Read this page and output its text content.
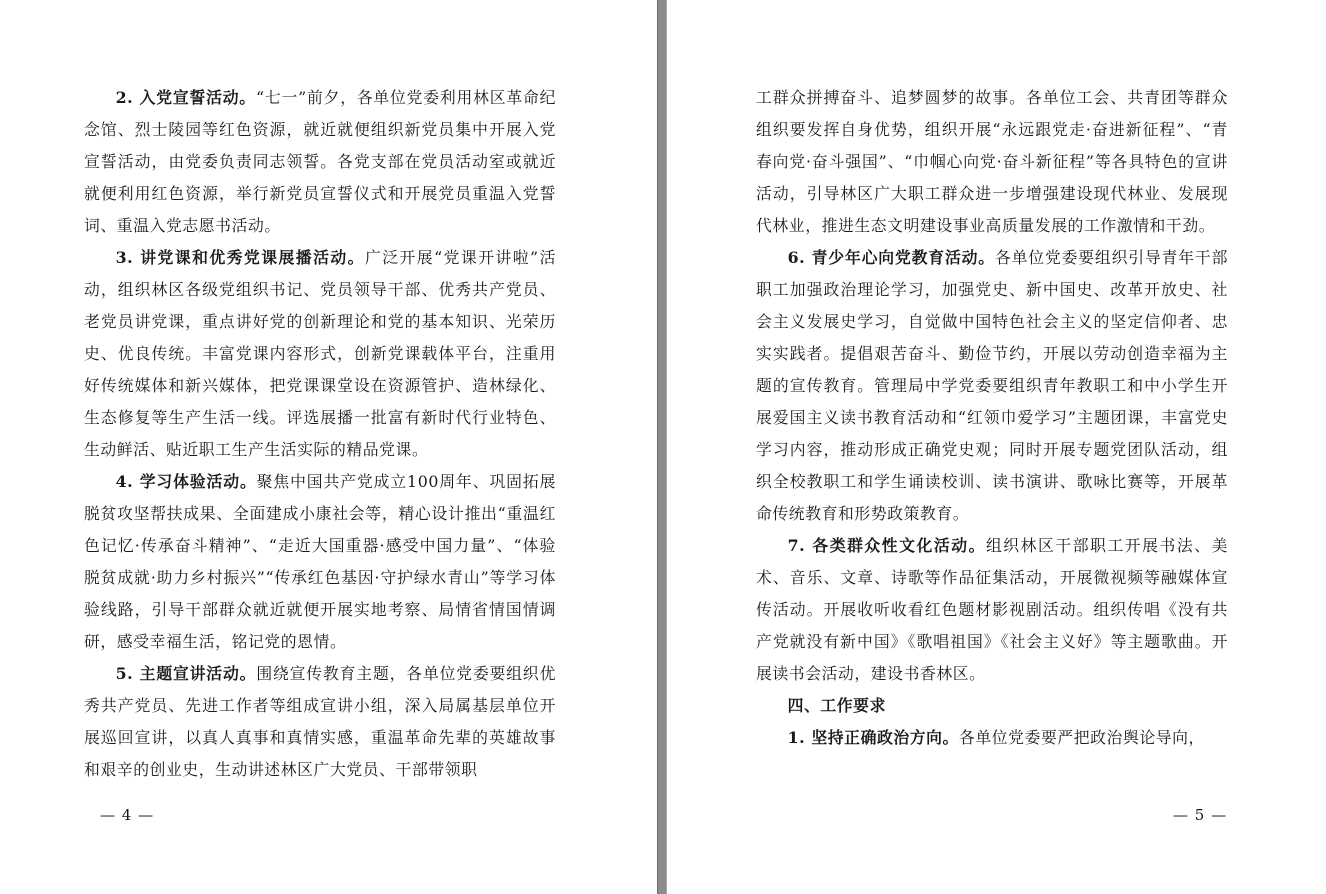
2. 入党宣誓活动。“七一”前夕，各单位党委利用林区革命纪念馆、烈士陵园等红色资源，就近就便组织新党员集中开展入党宣誓活动，由党委负责同志领誓。各党支部在党员活动室或就近就便利用红色资源，举行新党员宣誓仪式和开展党员重温入党誓词、重温入党志愿书活动。

3. 讲党课和优秀党课展播活动。广泛开展“党课开讲啦”活动，组织林区各级党组织书记、党员领导干部、优秀共产党员、老党员讲党课，重点讲好党的创新理论和党的基本知识、光荣历史、优良传统。丰富党课内容形式，创新党课载体平台，注重用好传统媒体和新兴媒体，把党课课堂设在资源管护、造林绿化、生态修复等生产生活一线。评选展播一批富有新时代行业特色、生动鲜活、贴近职工生产生活实际的精品党课。

4. 学习体验活动。聚焦中国共产党成立100周年、巩固拓展脱贫攻坚帮扶成果、全面建成小康社会等，精心设计推出“重温红色记忆·传承奋斗精神”、“走近大国重器·感受中国力量”、“体验脱贫成就·助力乡村振兴”“传承红色基因·守护绿水青山”等学习体验线路，引导干部群众就近就便开展实地考察、局情省情国情调研，感受幸福生活，铭记党的恩情。

5. 主题宣讲活动。围绕宣传教育主题，各单位党委要组织优秀共产党员、先进工作者等组成宣讲小组，深入局属基层单位开展巡回宣讲，以真人真事和真情实感，重温革命先辈的英雄故事和艰辛的创业史，生动讲述林区广大党员、干部带领职

— 4 —

工群众拼搏奋斗、追梦圆梦的故事。各单位工会、共青团等群众组织要发挥自身优势，组织开展“永远跟党走·奋进新征程”、“青春向党·奋斗强国”、“巾帼心向党·奋斗新征程”等各具特色的宣讲活动，引导林区广大职工群众进一步增强建设现代林业、发展现代林业，推进生态文明建设事业高质量发展的工作激情和干劲。

6. 青少年心向党教育活动。各单位党委要组织引导青年干部职工加强政治理论学习，加强党史、新中国史、改革开放史、社会主义发展史学习，自觉做中国特色社会主义的坚定信仰者、忠实实践者。提倡艰苦奋斗、勤俭节约，开展以劳动创造幸福为主题的宣传教育。管理局中学党委要组织青年教职工和中小学生开展爱国主义读书教育活动和“红领巾爱学习”主题团课，丰富党史学习内容，推动形成正确党史观；同时开展专题党团队活动，组织全校教职工和学生诵读校训、读书演讲、歌咏比赛等，开展革命传统教育和形势政策教育。

7. 各类群众性文化活动。组织林区干部职工开展书法、美术、音乐、文章、诗歌等作品征集活动，开展微视频等融媒体宣传活动。开展收听收看红色题材影视剧活动。组织传唱《没有共产党就没有新中国》《歌唱祖国》《社会主义好》等主题歌曲。开展读书会活动，建设书香林区。

四、工作要求

1. 坚持正确政治方向。各单位党委要严把政治舆论导向，

— 5 —
